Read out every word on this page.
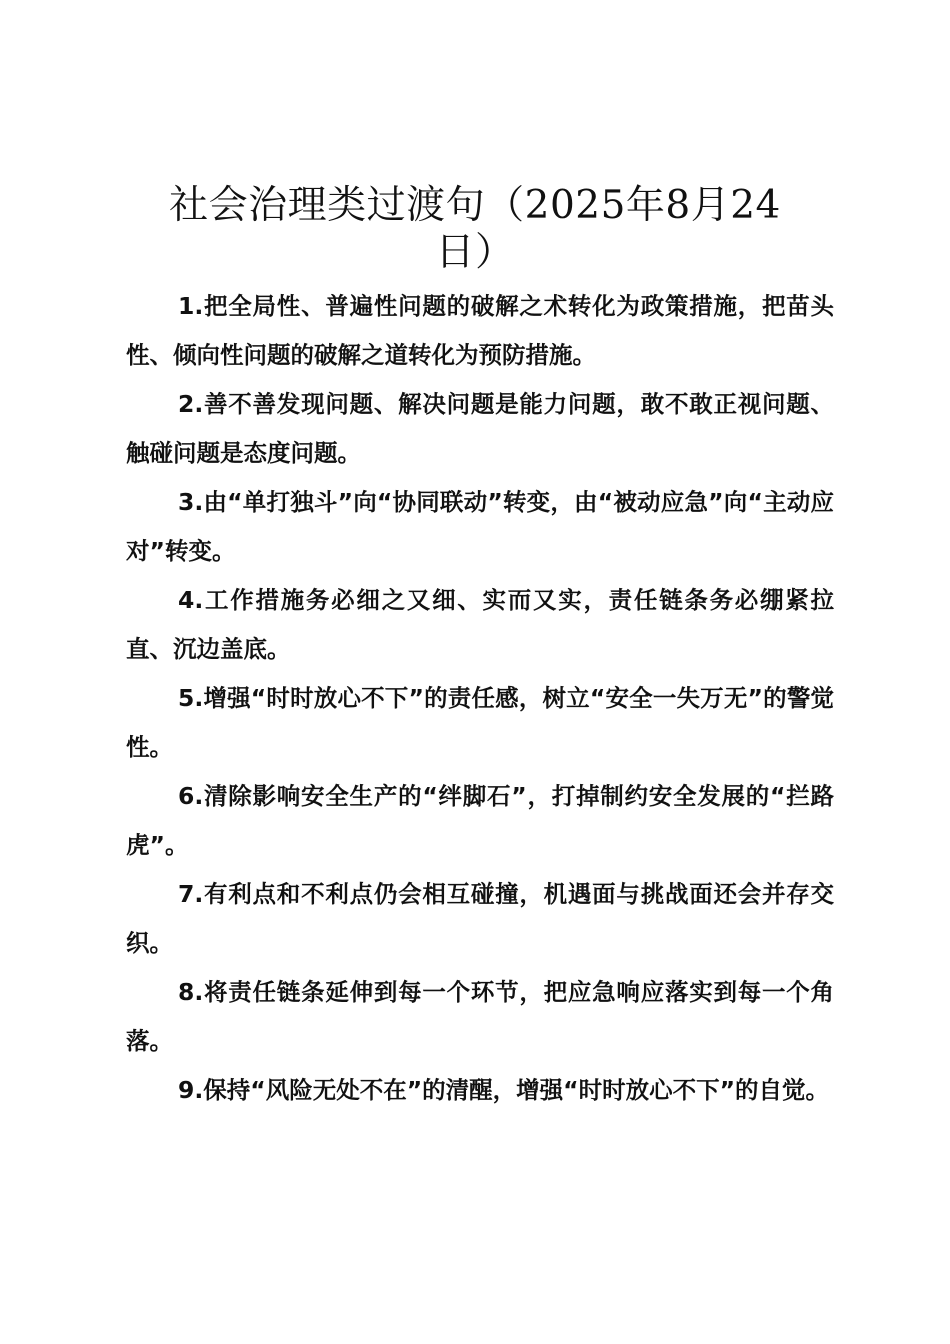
社会治理类过渡句（2025年8月24日）

1.把全局性、普遍性问题的破解之术转化为政策措施，把苗头性、倾向性问题的破解之道转化为预防措施。

2.善不善发现问题、解决问题是能力问题，敢不敢正视问题、触碰问题是态度问题。

3.由“单打独斗”向“协同联动”转变，由“被动应急”向“主动应对”转变。

4.工作措施务必细之又细、实而又实，责任链条务必绷紧拉直、沉边盖底。

5.增强“时时放心不下”的责任感，树立“安全一失万无”的警觉性。

6.清除影响安全生产的“绊脚石”，打掉制约安全发展的“拦路虎”。

7.有利点和不利点仍会相互碰撞，机遇面与挑战面还会并存交织。

8.将责任链条延伸到每一个环节，把应急响应落实到每一个角落。

9.保持“风险无处不在”的清醒，增强“时时放心不下”的自觉。
